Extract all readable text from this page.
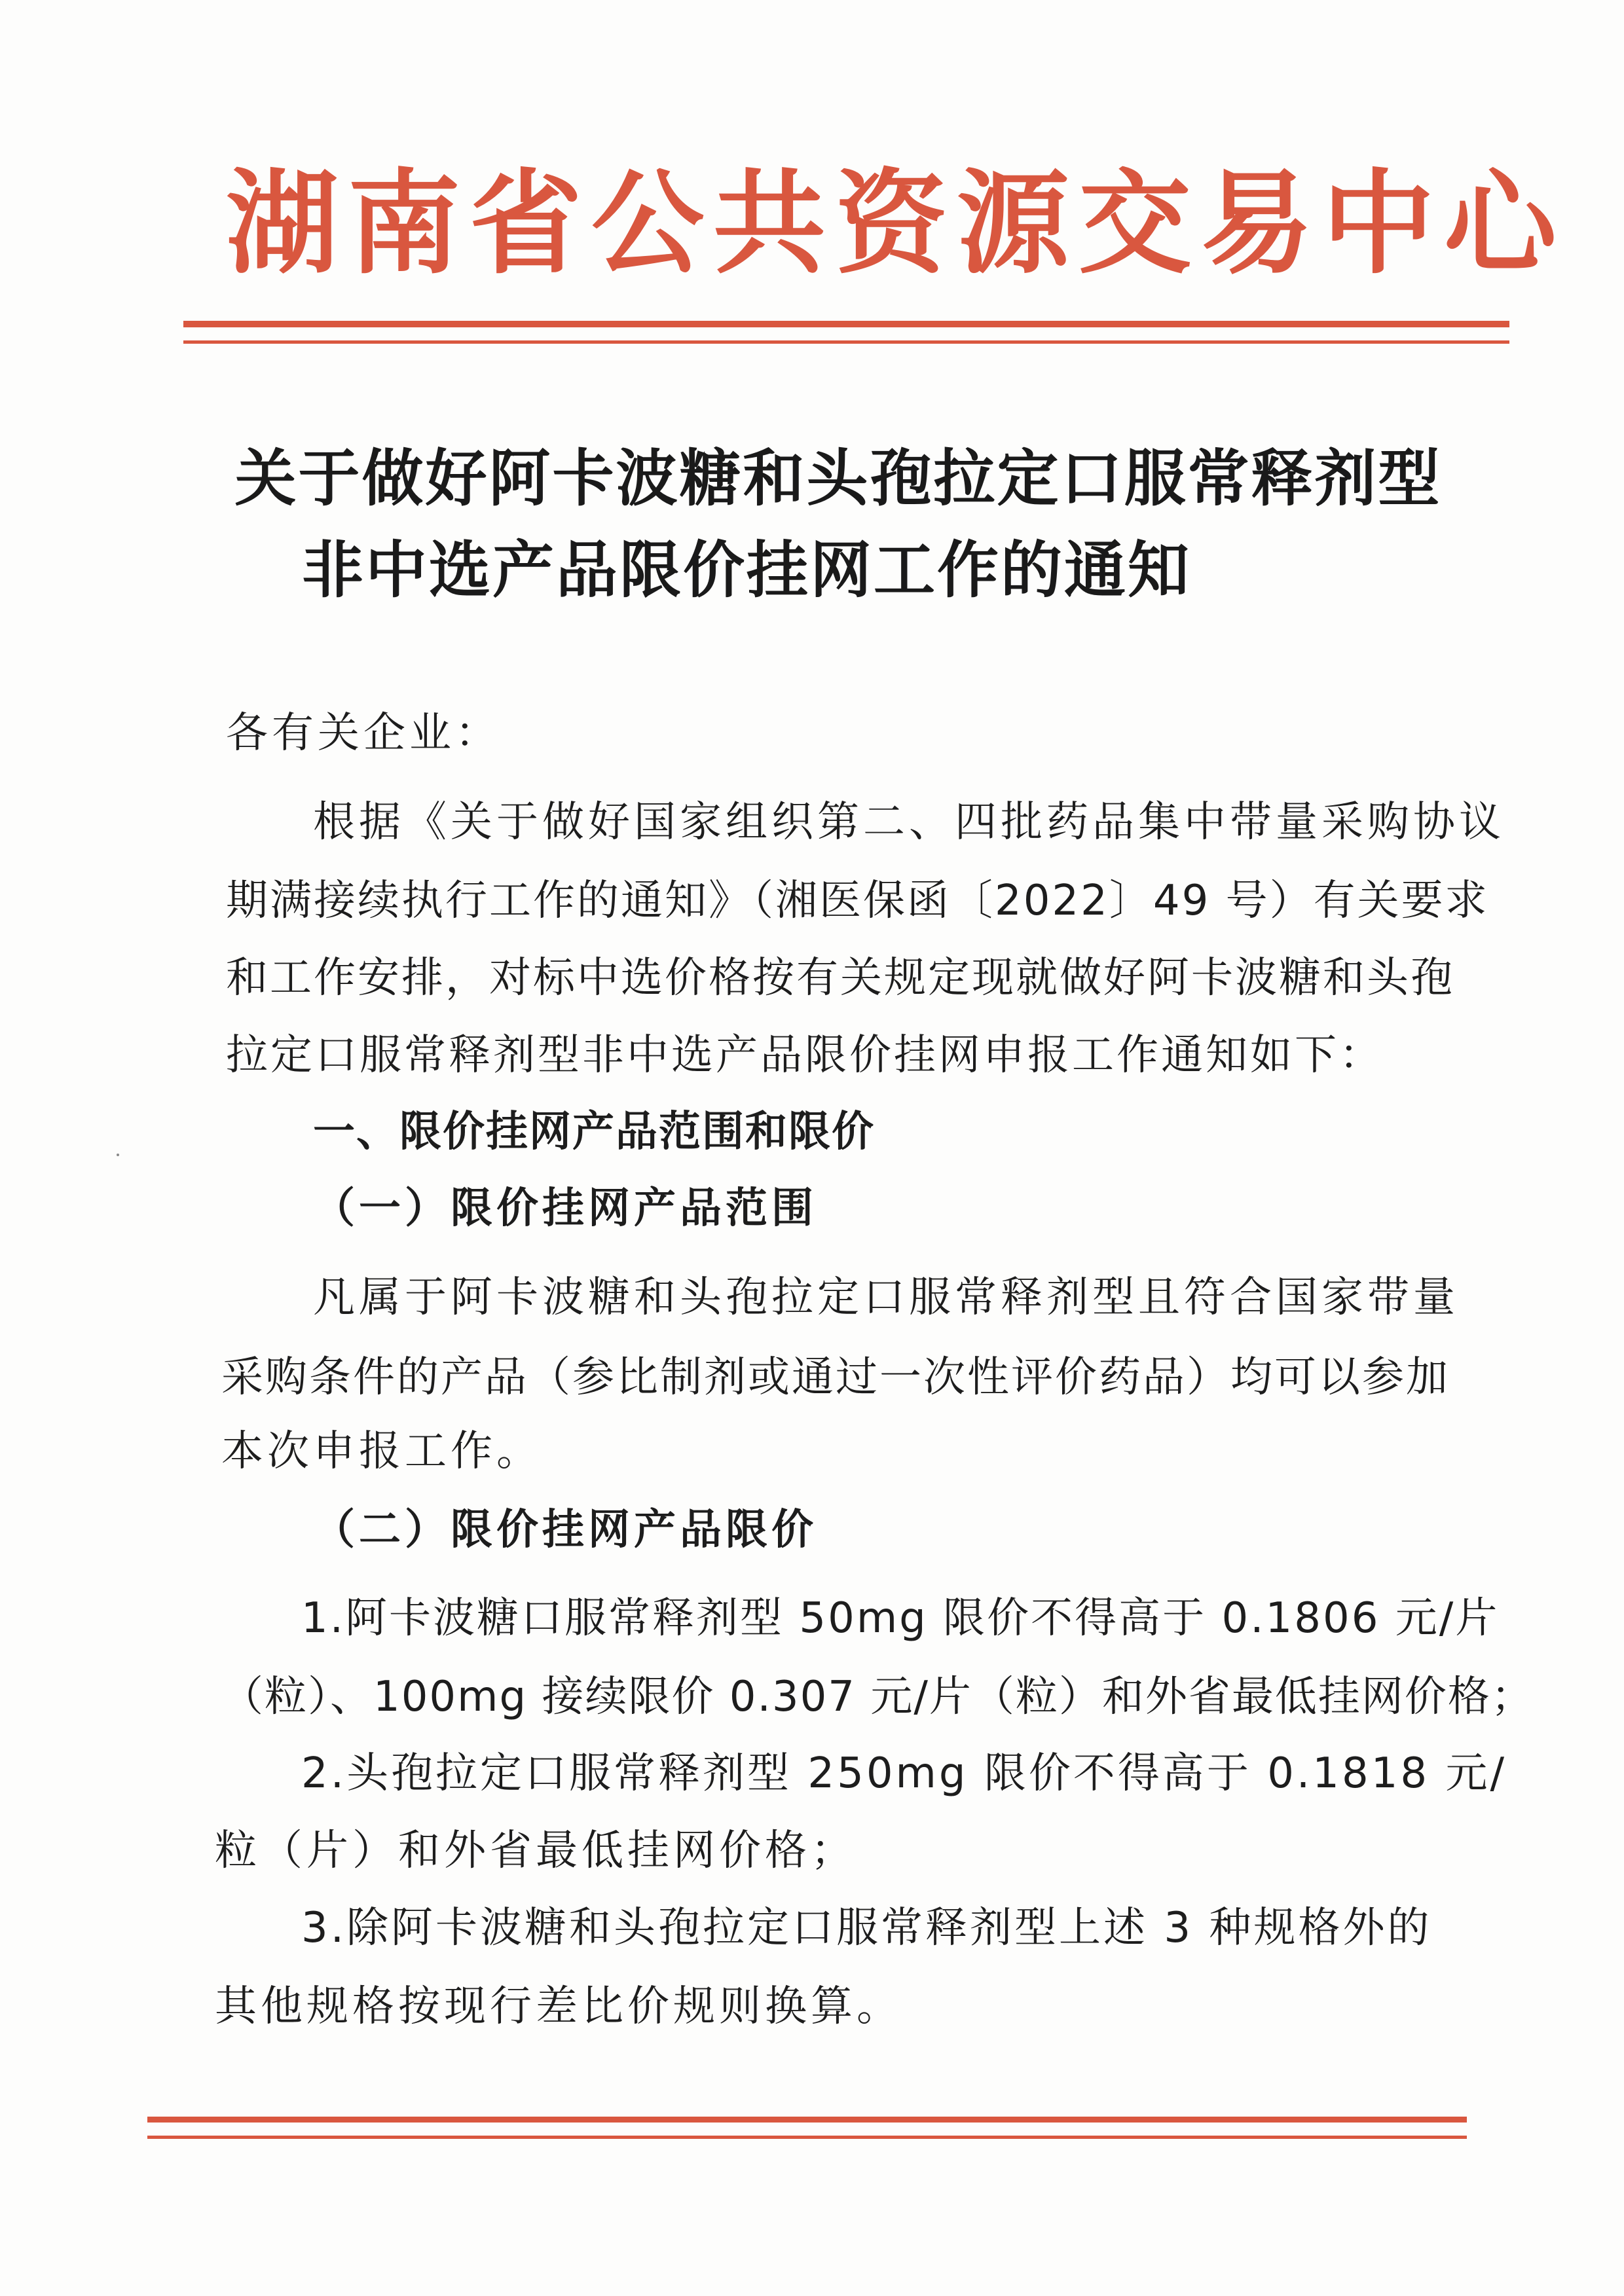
湖南省公共资源交易中心
关于做好阿卡波糖和头孢拉定口服常释剂型
非中选产品限价挂网工作的通知
各有关企业：
根据《关于做好国家组织第二、四批药品集中带量采购协议
期满接续执行工作的通知》（湘医保函〔2022〕49 号）有关要求
和工作安排，对标中选价格按有关规定现就做好阿卡波糖和头孢
拉定口服常释剂型非中选产品限价挂网申报工作通知如下：
一、限价挂网产品范围和限价
（一）限价挂网产品范围
凡属于阿卡波糖和头孢拉定口服常释剂型且符合国家带量
采购条件的产品（参比制剂或通过一次性评价药品）均可以参加
本次申报工作。
（二）限价挂网产品限价
1.阿卡波糖口服常释剂型 50mg 限价不得高于 0.1806 元/片
（粒）、100mg 接续限价 0.307 元/片（粒）和外省最低挂网价格；
2.头孢拉定口服常释剂型 250mg 限价不得高于 0.1818 元/
粒（片）和外省最低挂网价格；
3.除阿卡波糖和头孢拉定口服常释剂型上述 3 种规格外的
其他规格按现行差比价规则换算。
